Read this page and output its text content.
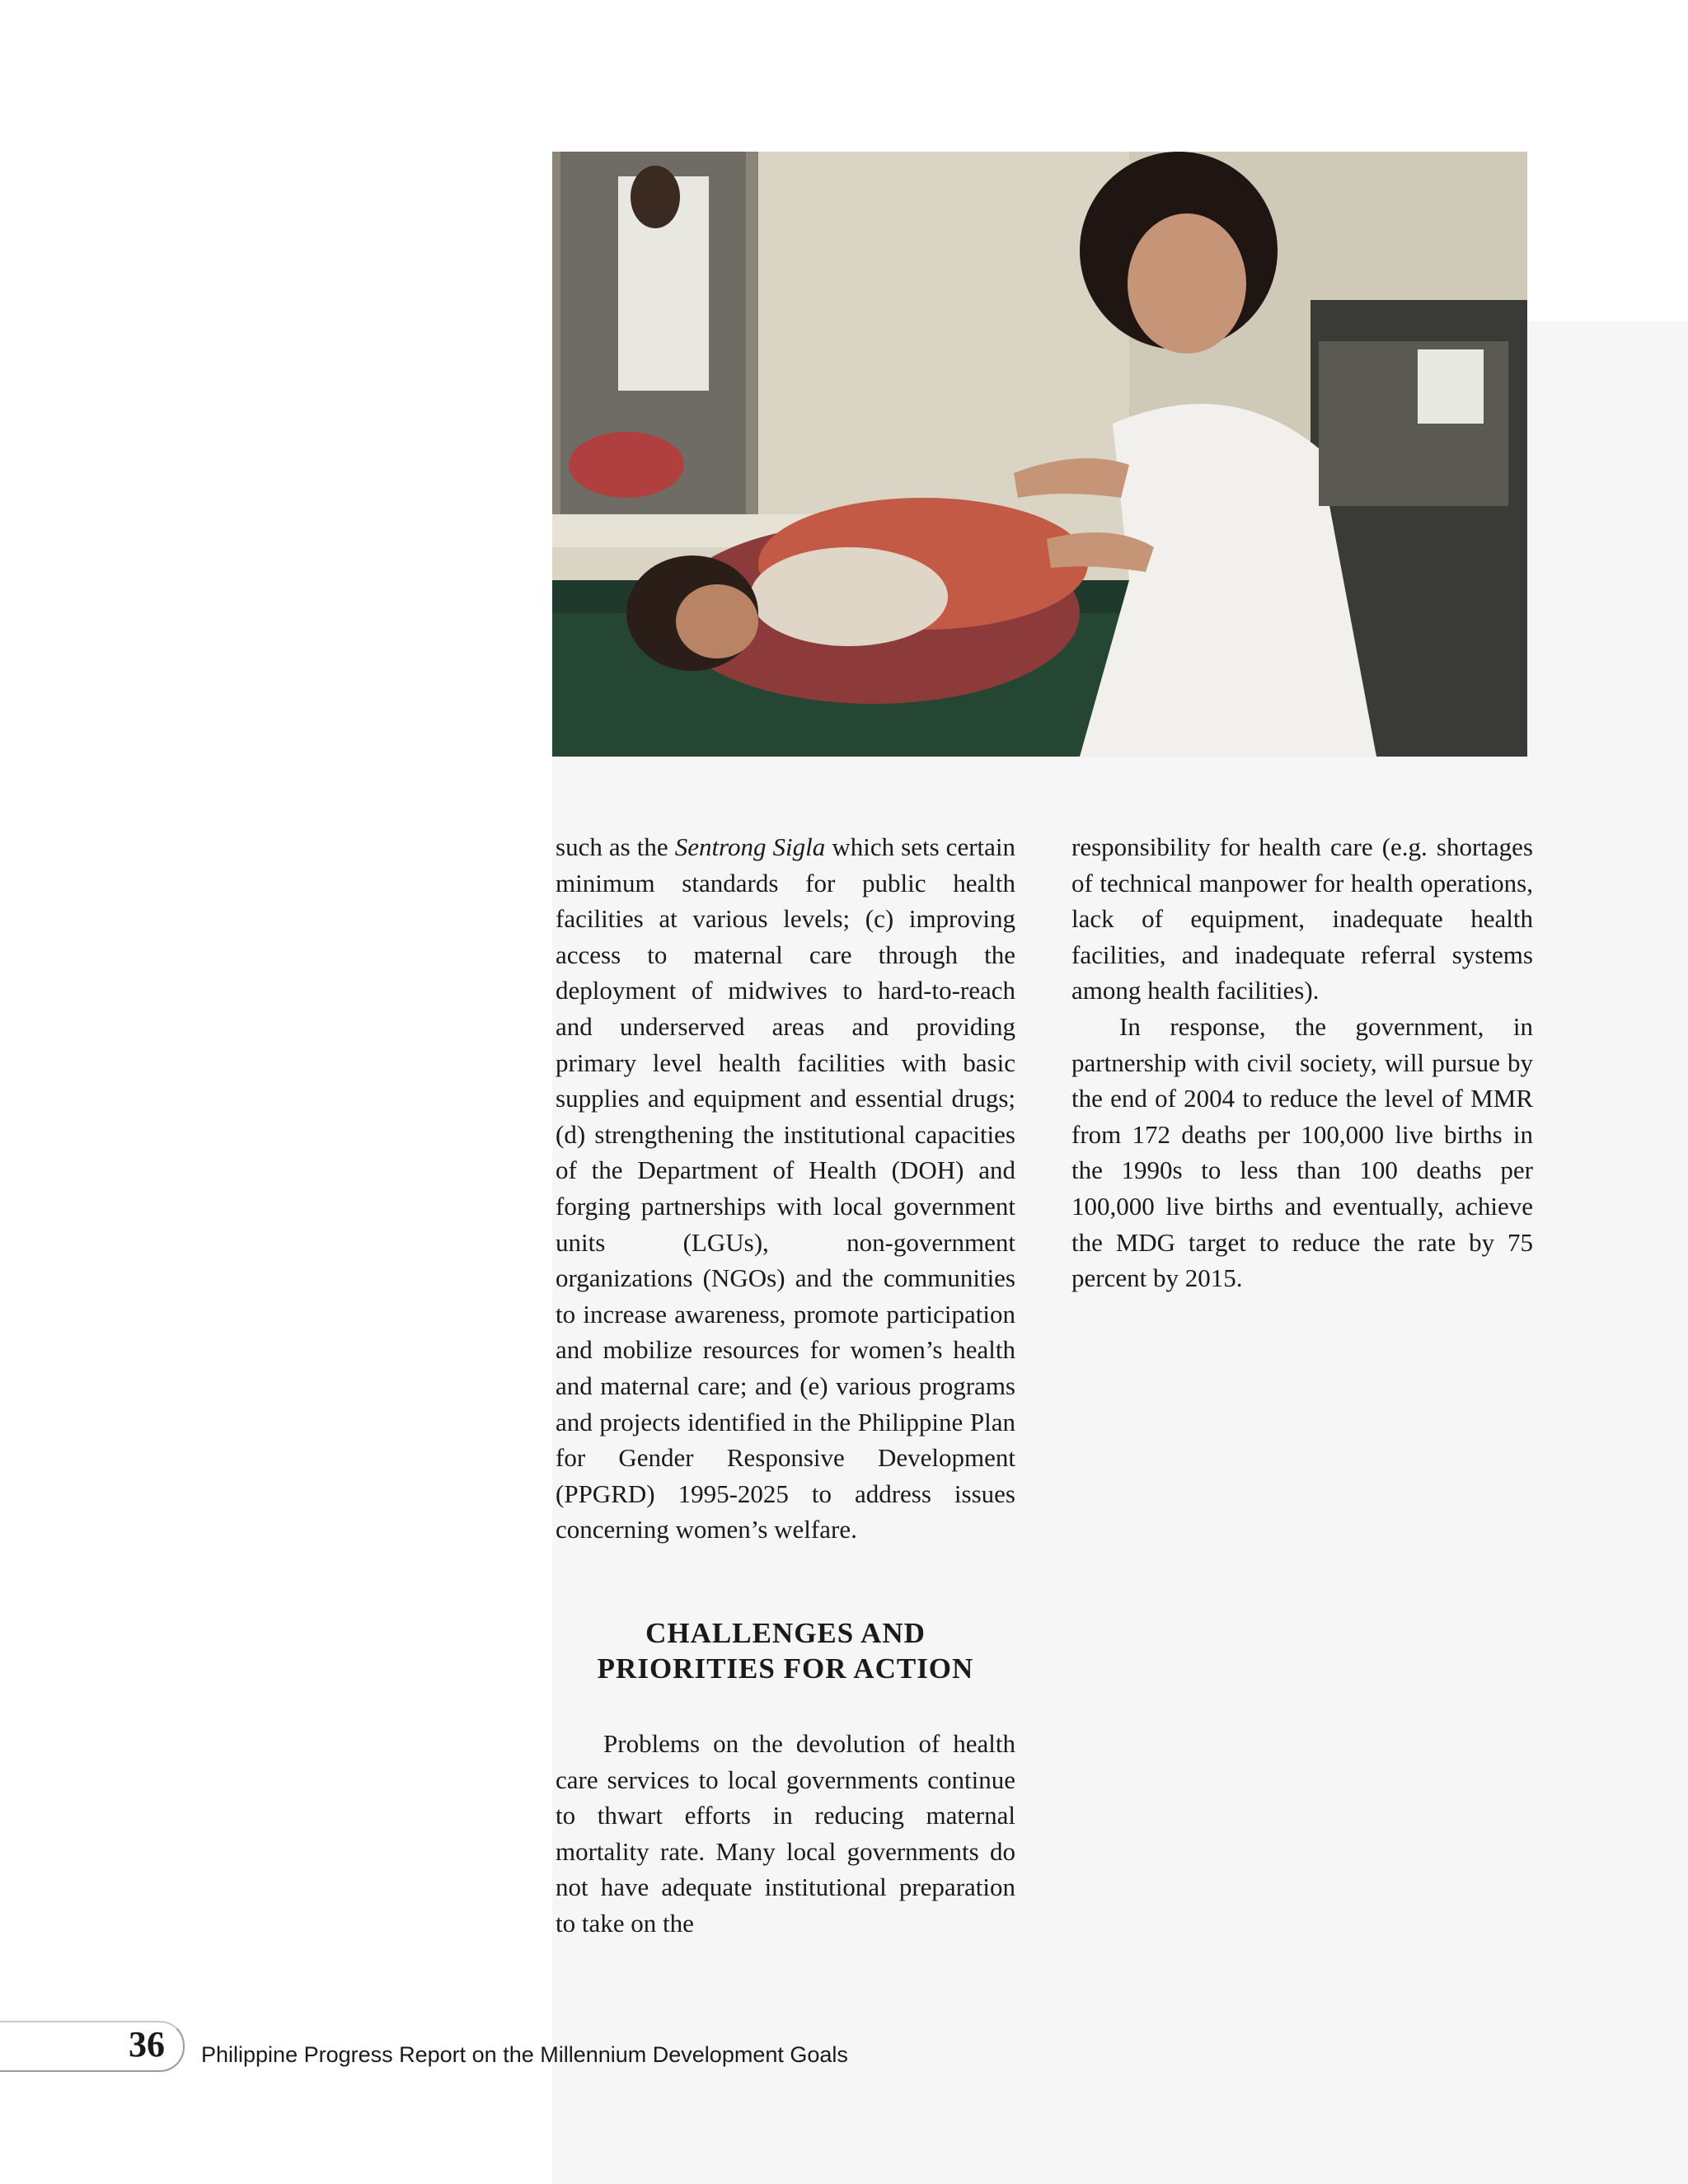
such as the Sentrong Sigla which sets certain minimum standards for public health facilities at various levels; (c) improving access to maternal care through the deployment of midwives to hard-to-reach and underserved areas and providing primary level health facilities with basic supplies and equipment and essential drugs; (d) strengthening the institutional capacities of the Department of Health (DOH) and forging partnerships with local government units (LGUs), non-government organizations (NGOs) and the communities to increase awareness, promote participation and mobilize resources for women’s health and maternal care; and (e) various programs and projects identified in the Philippine Plan for Gender Responsive Development (PPGRD) 1995-2025 to address issues concerning women’s welfare.

CHALLENGES AND
PRIORITIES FOR ACTION

Problems on the devolution of health care services to local governments continue to thwart efforts in reducing maternal mortality rate. Many local governments do not have adequate institutional preparation to take on the

responsibility for health care (e.g. shortages of technical manpower for health operations, lack of equipment, inadequate health facilities, and inadequate referral systems among health facilities).

In response, the government, in partnership with civil society, will pursue by the end of 2004 to reduce the level of MMR from 172 deaths per 100,000 live births in the 1990s to less than 100 deaths per 100,000 live births and eventually, achieve the MDG target to reduce the rate by 75 percent by 2015.

36 Philippine Progress Report on the Millennium Development Goals
